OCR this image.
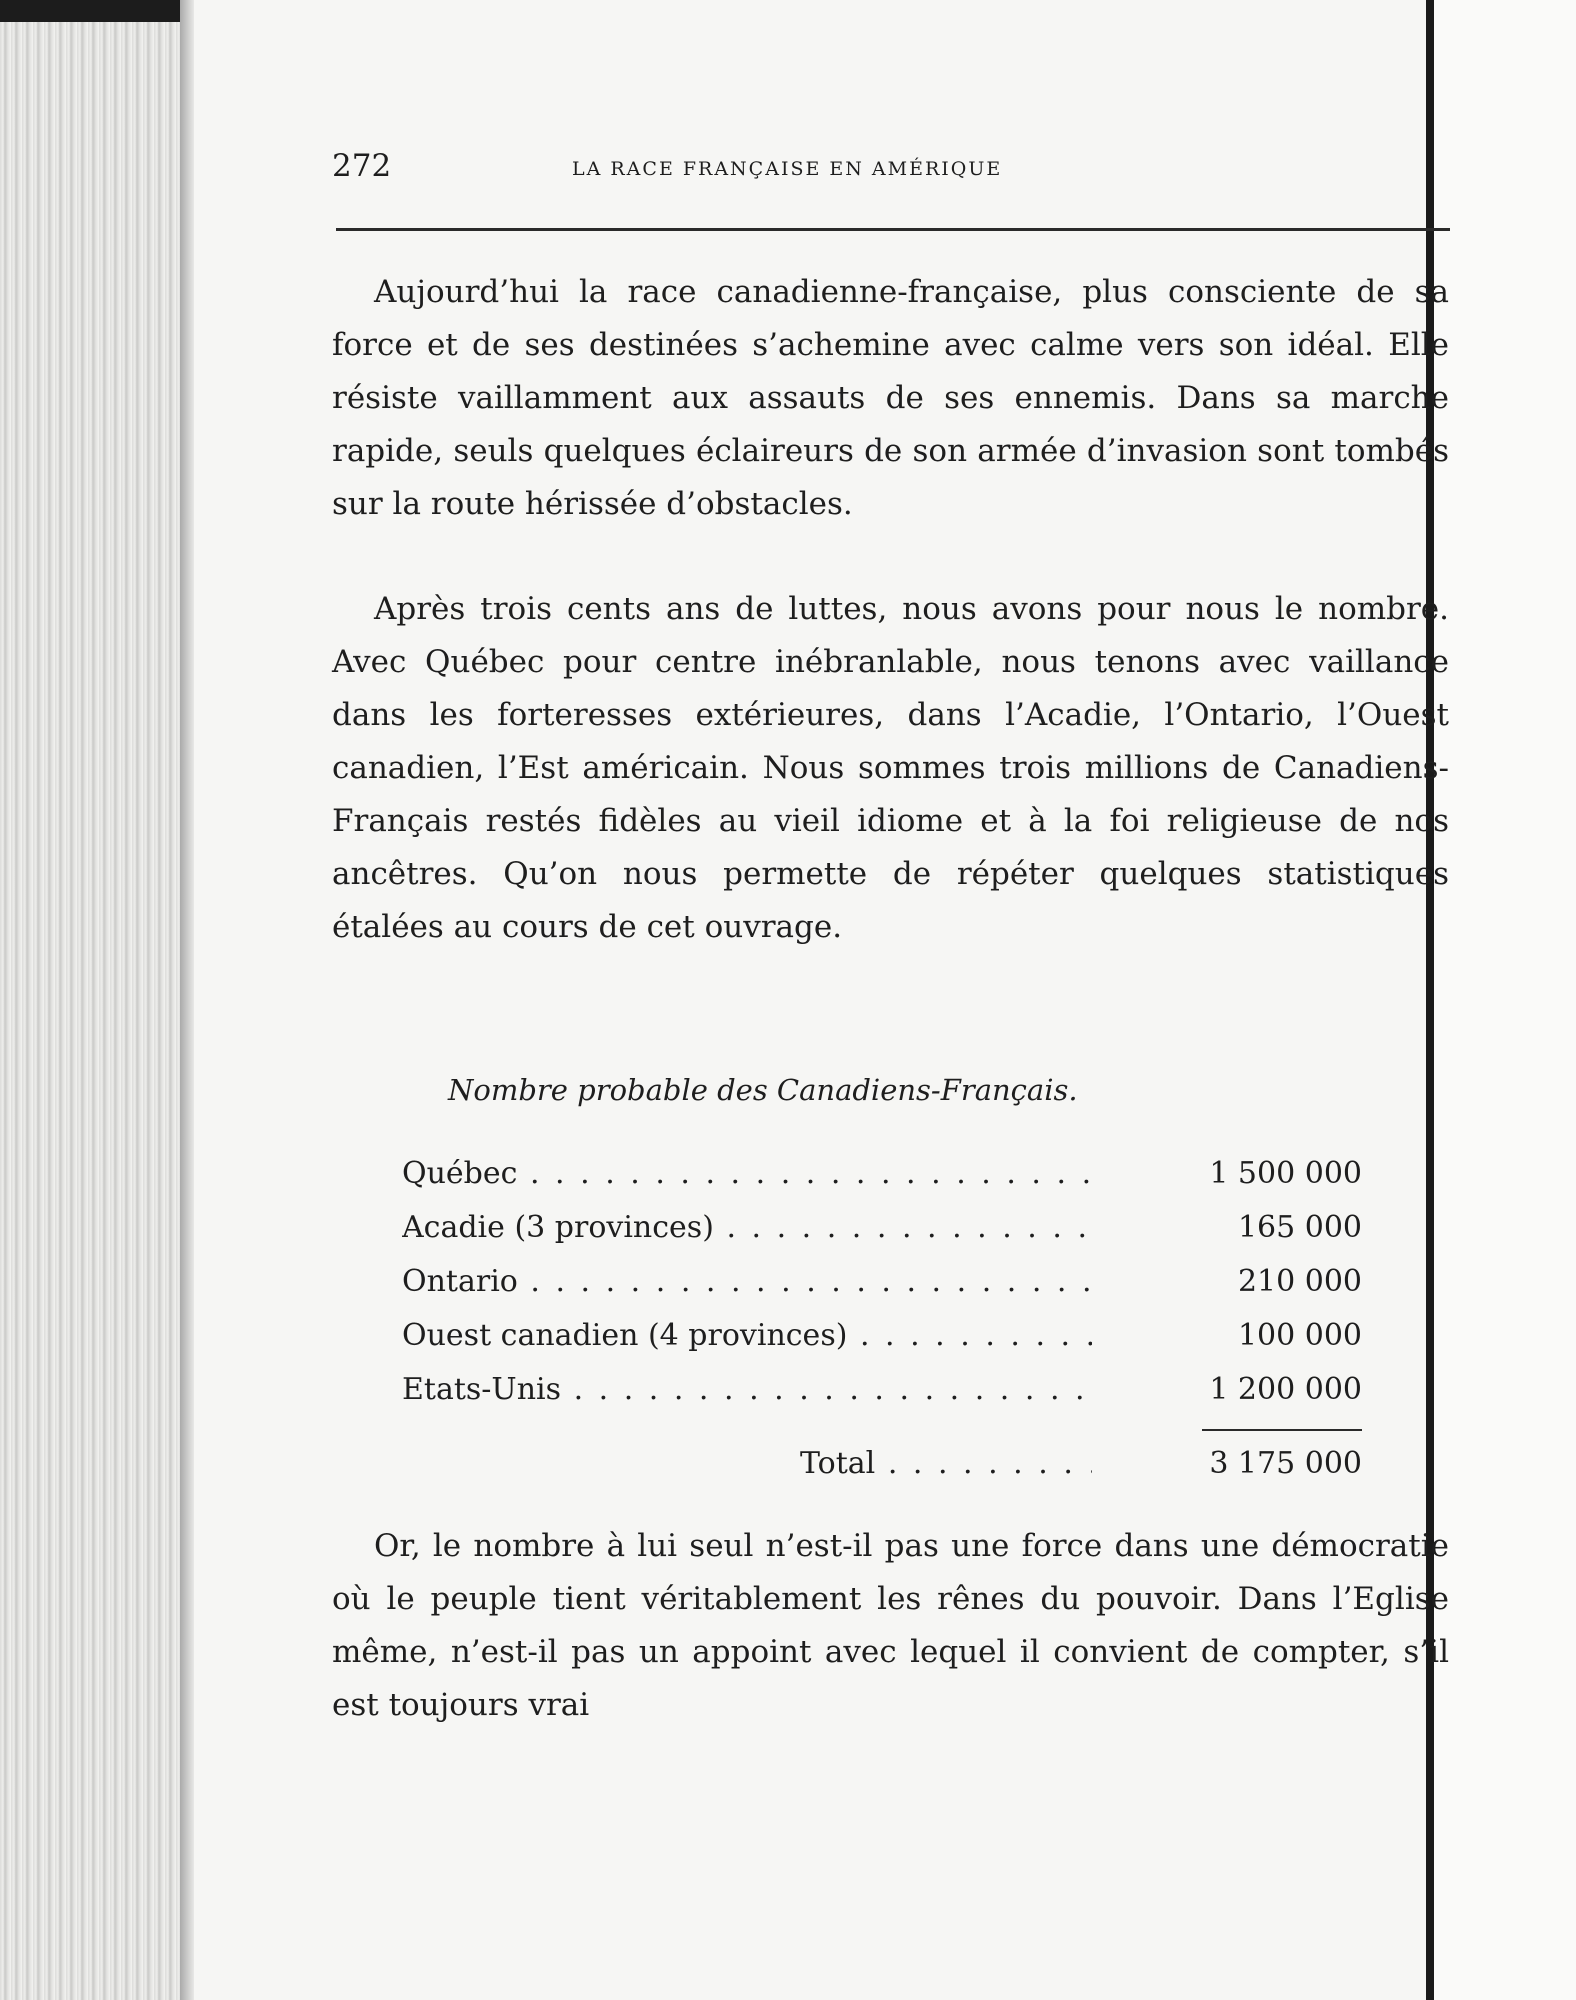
272	LA RACE FRANÇAISE EN AMÉRIQUE

Aujourd’hui la race canadienne-française, plus consciente de sa force et de ses destinées s’achemine avec calme vers son idéal. Elle résiste vaillamment aux assauts de ses ennemis. Dans sa marche rapide, seuls quelques éclaireurs de son armée d’invasion sont tombés sur la route hérissée d’obstacles.

Après trois cents ans de luttes, nous avons pour nous le nombre. Avec Québec pour centre inébranlable, nous tenons avec vaillance dans les forteresses extérieures, dans l’Acadie, l’Ontario, l’Ouest canadien, l’Est américain. Nous sommes trois millions de Canadiens-Français restés fidèles au vieil idiome et à la foi religieuse de nos ancêtres. Qu’on nous permette de répéter quelques statistiques étalées au cours de cet ouvrage.

Nombre probable des Canadiens-Français.

Québec . . .	1 500 000
Acadie (3 provinces) . . .	165 000
Ontario . . .	210 000
Ouest canadien (4 provinces) . . .	100 000
Etats-Unis . . .	1 200 000
Total . . .	3 175 000

Or, le nombre à lui seul n’est-il pas une force dans une démocratie où le peuple tient véritablement les rênes du pouvoir. Dans l’Eglise même, n’est-il pas un appoint avec lequel il convient de compter, s’il est toujours vrai
